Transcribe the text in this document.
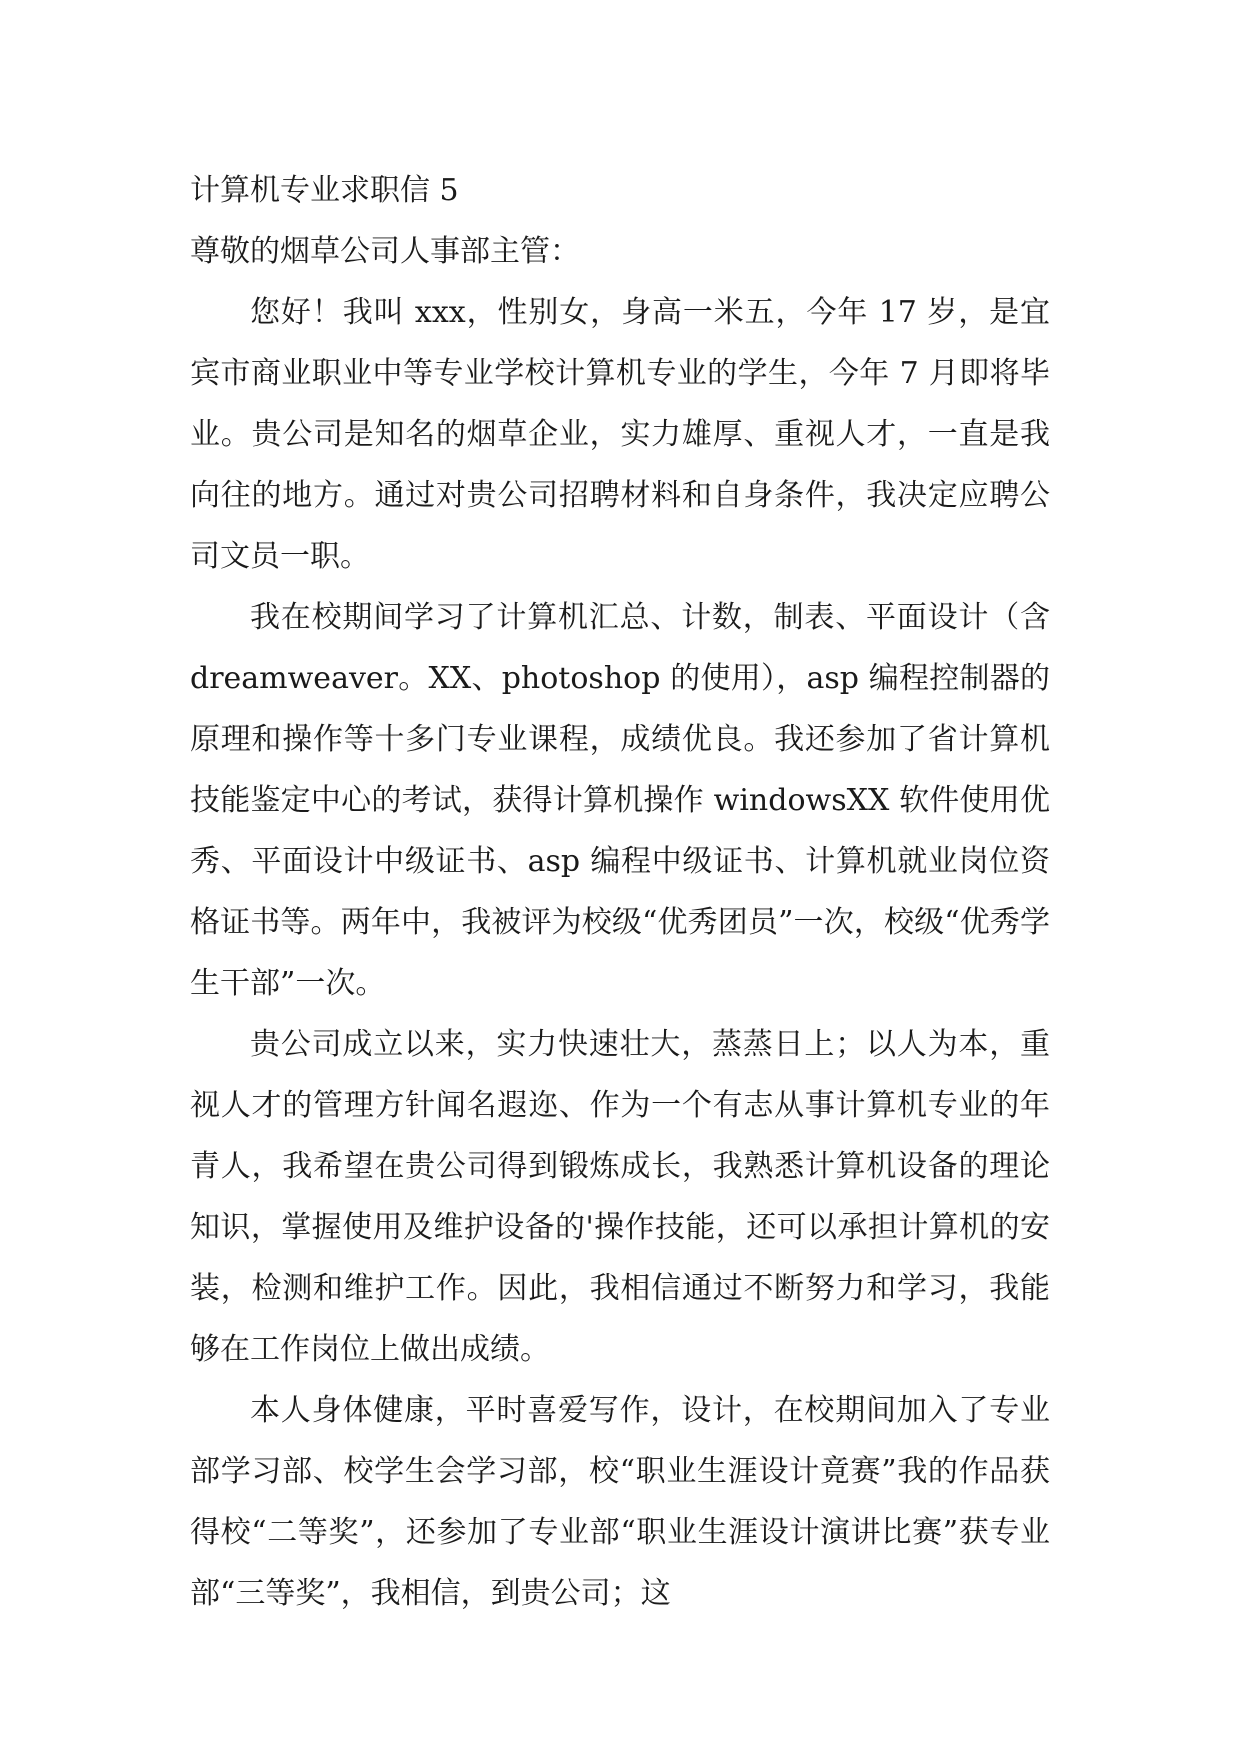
计算机专业求职信 5

尊敬的烟草公司人事部主管：

您好！我叫 xxx，性别女，身高一米五，今年 17 岁，是宜宾市商业职业中等专业学校计算机专业的学生，今年 7 月即将毕业。贵公司是知名的烟草企业，实力雄厚、重视人才，一直是我向往的地方。通过对贵公司招聘材料和自身条件，我决定应聘公司文员一职。

我在校期间学习了计算机汇总、计数，制表、平面设计（含 dreamweaver。XX、photoshop 的使用），asp 编程控制器的原理和操作等十多门专业课程，成绩优良。我还参加了省计算机技能鉴定中心的考试，获得计算机操作 windowsXX 软件使用优秀、平面设计中级证书、asp 编程中级证书、计算机就业岗位资格证书等。两年中，我被评为校级“优秀团员”一次，校级“优秀学生干部”一次。

贵公司成立以来，实力快速壮大，蒸蒸日上；以人为本，重视人才的管理方针闻名遐迩、作为一个有志从事计算机专业的年青人，我希望在贵公司得到锻炼成长，我熟悉计算机设备的理论知识，掌握使用及维护设备的'操作技能，还可以承担计算机的安装，检测和维护工作。因此，我相信通过不断努力和学习，我能够在工作岗位上做出成绩。

本人身体健康，平时喜爱写作，设计，在校期间加入了专业部学习部、校学生会学习部，校“职业生涯设计竟赛”我的作品获得校“二等奖”，还参加了专业部“职业生涯设计演讲比赛”获专业部“三等奖”，我相信，到贵公司；这
